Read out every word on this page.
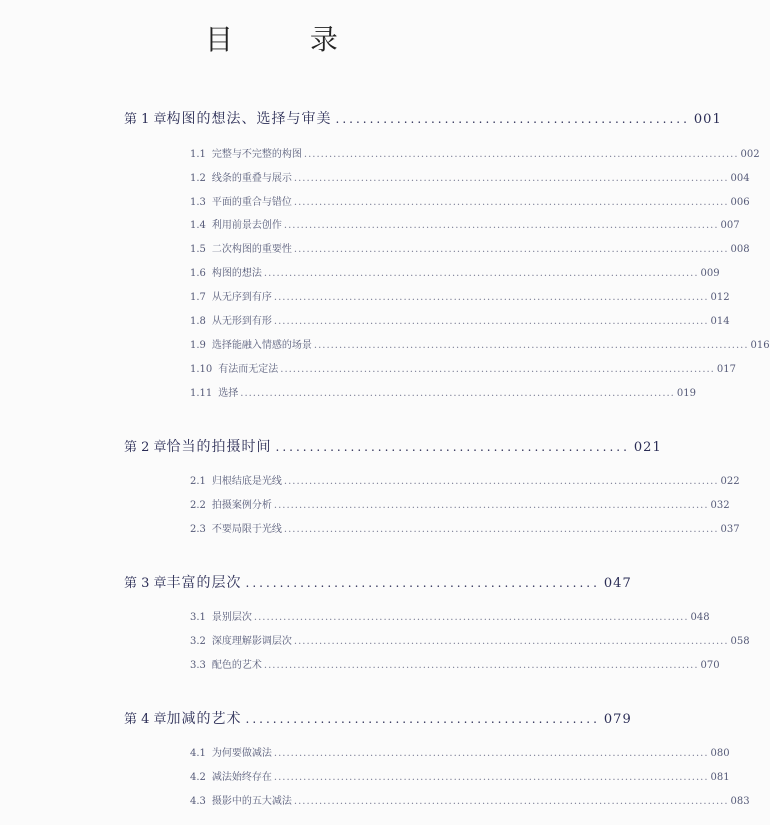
目 录
第 1 章 构图的想法、选择与审美 .................................................... 001
1.1 完整与不完整的构图 ........................................................................................................ 002
1.2 线条的重叠与展示 ........................................................................................................ 004
1.3 平面的重合与错位 ........................................................................................................ 006
1.4 利用前景去创作 ........................................................................................................ 007
1.5 二次构图的重要性 ........................................................................................................ 008
1.6 构图的想法 ........................................................................................................ 009
1.7 从无序到有序 ........................................................................................................ 012
1.8 从无形到有形 ........................................................................................................ 014
1.9 选择能融入情感的场景 ........................................................................................................ 016
1.10 有法而无定法 ........................................................................................................ 017
1.11 选择 ........................................................................................................ 019
第 2 章 恰当的拍摄时间 .................................................... 021
2.1 归根结底是光线 ........................................................................................................ 022
2.2 拍摄案例分析 ........................................................................................................ 032
2.3 不要局限于光线 ........................................................................................................ 037
第 3 章 丰富的层次 .................................................... 047
3.1 景别层次 ........................................................................................................ 048
3.2 深度理解影调层次 ........................................................................................................ 058
3.3 配色的艺术 ........................................................................................................ 070
第 4 章 加减的艺术 .................................................... 079
4.1 为何要做减法 ........................................................................................................ 080
4.2 减法始终存在 ........................................................................................................ 081
4.3 摄影中的五大减法 ........................................................................................................ 083
